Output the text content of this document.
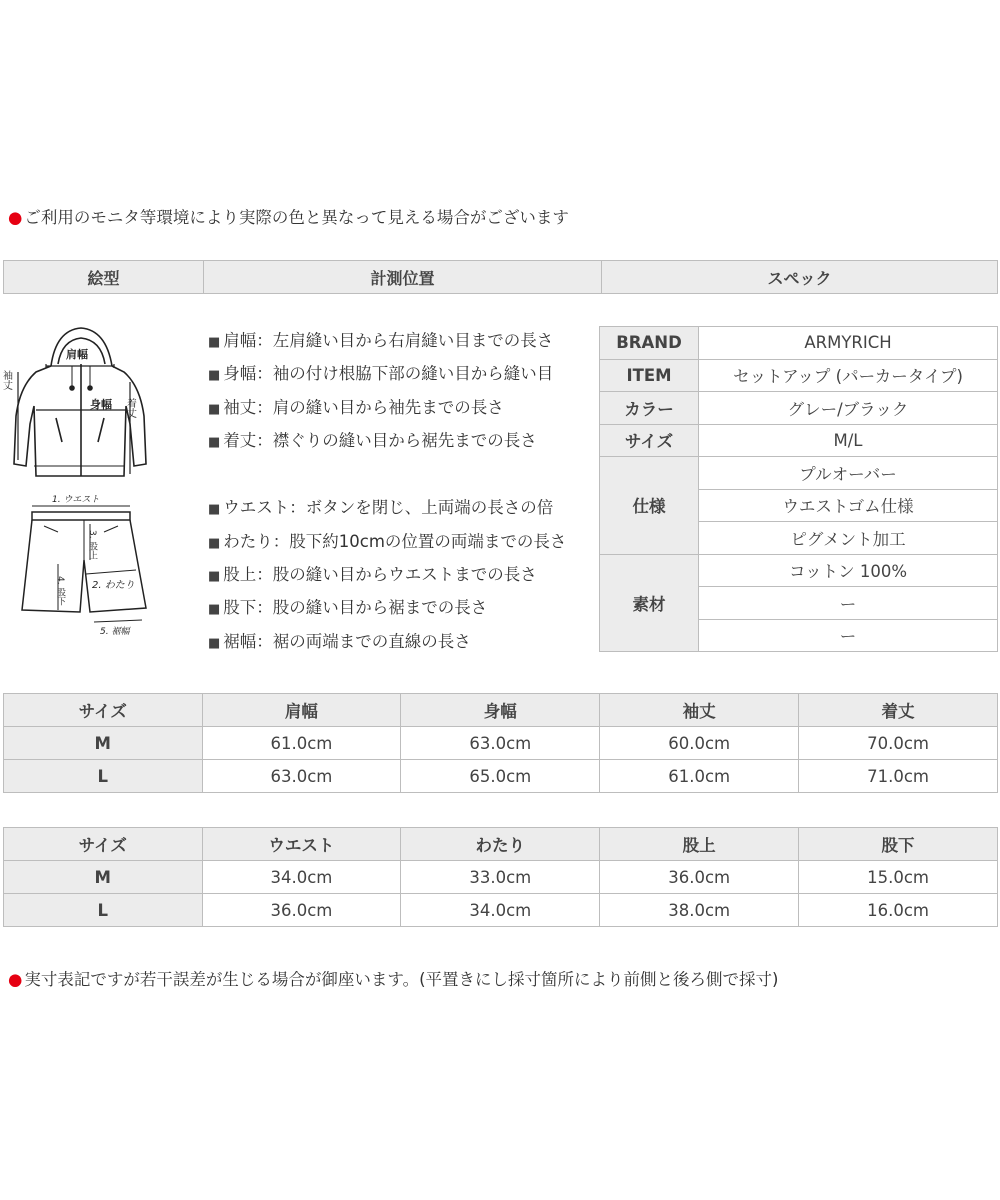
● ご利用のモニタ等環境により実際の色と異なって見える場合がございます
絵型	計測位置	スペック
肩幅
袖丈
身幅 着丈
1. ウエスト
3. 股上
2. わたり
4. 股下
5. 裾幅
■ 肩幅：左肩縫い目から右肩縫い目までの長さ
■ 身幅：袖の付け根脇下部の縫い目から縫い目
■ 袖丈：肩の縫い目から袖先までの長さ
■ 着丈：襟ぐりの縫い目から裾先までの長さ
■ ウエスト：ボタンを閉じ、上両端の長さの倍
■ わたり：股下約10cmの位置の両端までの長さ
■ 股上：股の縫い目からウエストまでの長さ
■ 股下：股の縫い目から裾までの長さ
■ 裾幅：裾の両端までの直線の長さ
BRAND	ARMYRICH
ITEM	セットアップ (パーカータイプ)
カラー	グレー/ブラック
サイズ	M/L
仕様	プルオーバー
	ウエストゴム仕様
	ピグメント加工
素材	コットン 100%
	ー
	ー
サイズ	肩幅	身幅	袖丈	着丈
M	61.0cm	63.0cm	60.0cm	70.0cm
L	63.0cm	65.0cm	61.0cm	71.0cm
サイズ	ウエスト	わたり	股上	股下
M	34.0cm	33.0cm	36.0cm	15.0cm
L	36.0cm	34.0cm	38.0cm	16.0cm
● 実寸表記ですが若干誤差が生じる場合が御座います。(平置きにし採寸箇所により前側と後ろ側で採寸)
